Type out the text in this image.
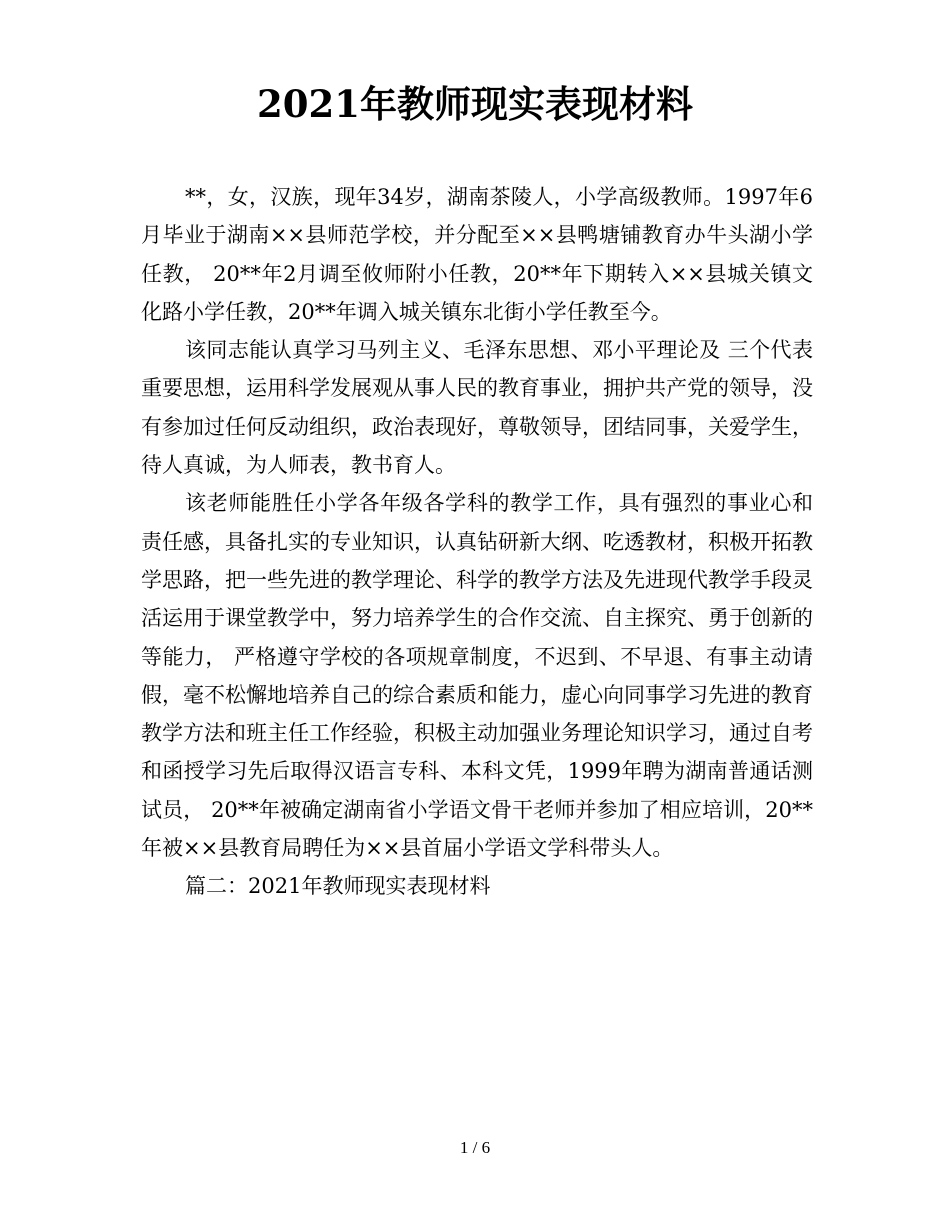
2021年教师现实表现材料

**，女，汉族，现年34岁，湖南茶陵人，小学高级教师。1997年6月毕业于湖南××县师范学校，并分配至××县鸭塘铺教育办牛头湖小学任教， 20**年2月调至攸师附小任教，20**年下期转入××县城关镇文化路小学任教，20**年调入城关镇东北街小学任教至今。

该同志能认真学习马列主义、毛泽东思想、邓小平理论及 三个代表 重要思想，运用科学发展观从事人民的教育事业，拥护共产党的领导，没有参加过任何反动组织，政治表现好，尊敬领导，团结同事，关爱学生，待人真诚，为人师表，教书育人。

该老师能胜任小学各年级各学科的教学工作，具有强烈的事业心和责任感，具备扎实的专业知识，认真钻研新大纲、吃透教材，积极开拓教学思路，把一些先进的教学理论、科学的教学方法及先进现代教学手段灵活运用于课堂教学中，努力培养学生的合作交流、自主探究、勇于创新的等能力， 严格遵守学校的各项规章制度，不迟到、不早退、有事主动请假，毫不松懈地培养自己的综合素质和能力，虚心向同事学习先进的教育教学方法和班主任工作经验，积极主动加强业务理论知识学习，通过自考和函授学习先后取得汉语言专科、本科文凭，1999年聘为湖南普通话测试员， 20**年被确定湖南省小学语文骨干老师并参加了相应培训，20**年被××县教育局聘任为××县首届小学语文学科带头人。

篇二：2021年教师现实表现材料

1 / 6
